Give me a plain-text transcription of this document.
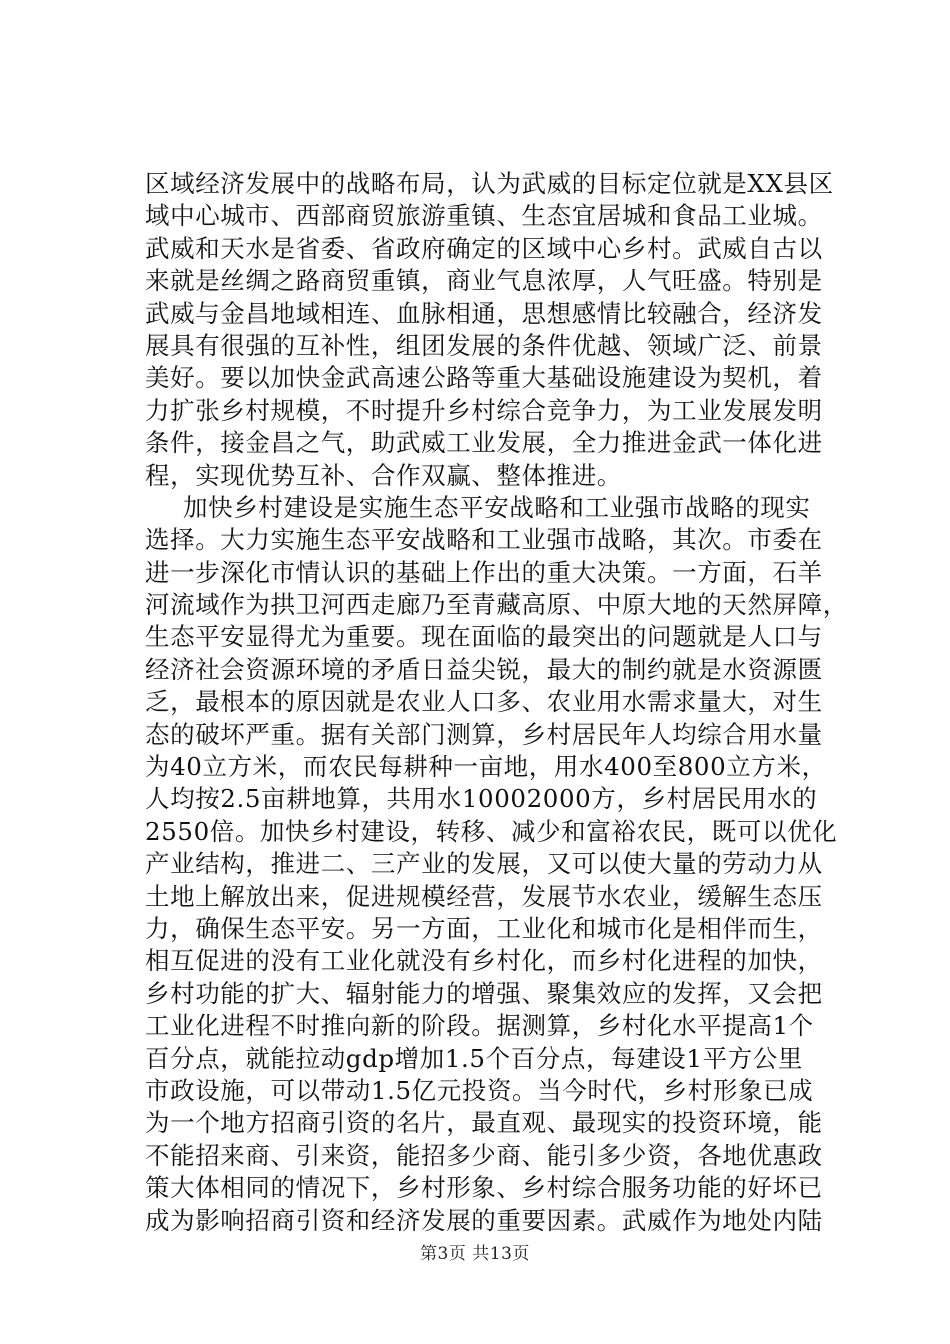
区域经济发展中的战略布局，认为武威的目标定位就是XX县区
域中心城市、西部商贸旅游重镇、生态宜居城和食品工业城。
武威和天水是省委、省政府确定的区域中心乡村。武威自古以
来就是丝绸之路商贸重镇，商业气息浓厚，人气旺盛。特别是
武威与金昌地域相连、血脉相通，思想感情比较融合，经济发
展具有很强的互补性，组团发展的条件优越、领域广泛、前景
美好。要以加快金武高速公路等重大基础设施建设为契机，着
力扩张乡村规模，不时提升乡村综合竞争力，为工业发展发明
条件，接金昌之气，助武威工业发展，全力推进金武一体化进
程，实现优势互补、合作双赢、整体推进。
加快乡村建设是实施生态平安战略和工业强市战略的现实
选择。大力实施生态平安战略和工业强市战略，其次。市委在
进一步深化市情认识的基础上作出的重大决策。一方面，石羊
河流域作为拱卫河西走廊乃至青藏高原、中原大地的天然屏障，
生态平安显得尤为重要。现在面临的最突出的问题就是人口与
经济社会资源环境的矛盾日益尖锐，最大的制约就是水资源匮
乏，最根本的原因就是农业人口多、农业用水需求量大，对生
态的破坏严重。据有关部门测算，乡村居民年人均综合用水量
为40立方米，而农民每耕种一亩地，用水400至800立方米，
人均按2.5亩耕地算，共用水10002000方，乡村居民用水的
2550倍。加快乡村建设，转移、减少和富裕农民，既可以优化
产业结构，推进二、三产业的发展，又可以使大量的劳动力从
土地上解放出来，促进规模经营，发展节水农业，缓解生态压
力，确保生态平安。另一方面，工业化和城市化是相伴而生，
相互促进的没有工业化就没有乡村化，而乡村化进程的加快，
乡村功能的扩大、辐射能力的增强、聚集效应的发挥，又会把
工业化进程不时推向新的阶段。据测算，乡村化水平提高1个
百分点，就能拉动gdp增加1.5个百分点，每建设1平方公里
市政设施，可以带动1.5亿元投资。当今时代，乡村形象已成
为一个地方招商引资的名片，最直观、最现实的投资环境，能
不能招来商、引来资，能招多少商、能引多少资，各地优惠政
策大体相同的情况下，乡村形象、乡村综合服务功能的好坏已
成为影响招商引资和经济发展的重要因素。武威作为地处内陆
第3页 共13页
